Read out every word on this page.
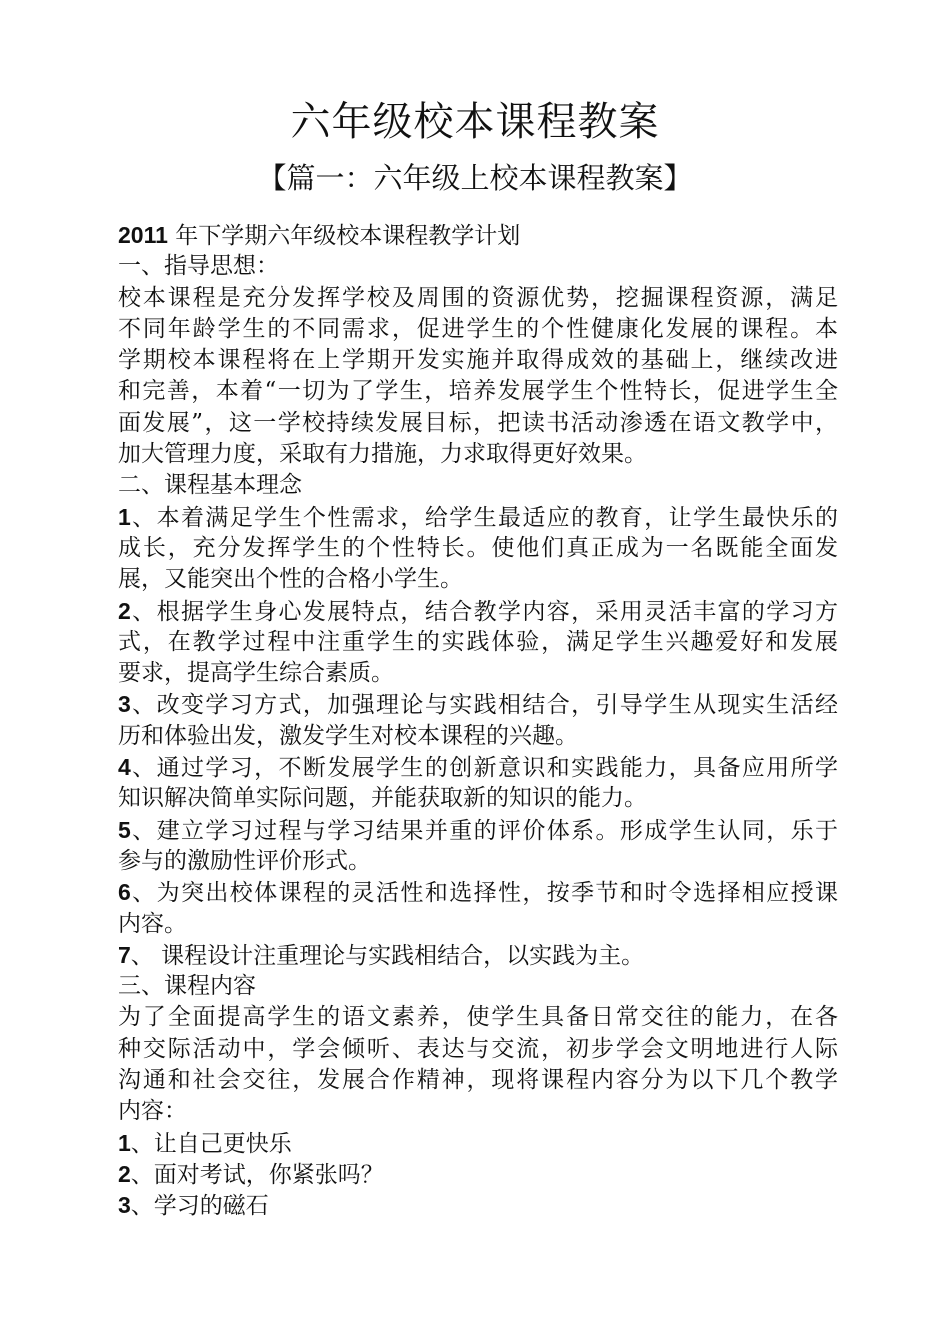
六年级校本课程教案
【篇一：六年级上校本课程教案】
2011 年下学期六年级校本课程教学计划
一、指导思想：
校本课程是充分发挥学校及周围的资源优势，挖掘课程资源，满足
不同年龄学生的不同需求，促进学生的个性健康化发展的课程。本
学期校本课程将在上学期开发实施并取得成效的基础上，继续改进
和完善，本着“一切为了学生，培养发展学生个性特长，促进学生全
面发展”，这一学校持续发展目标，把读书活动渗透在语文教学中，
加大管理力度，采取有力措施，力求取得更好效果。
二、课程基本理念
1、本着满足学生个性需求，给学生最适应的教育，让学生最快乐的
成长，充分发挥学生的个性特长。使他们真正成为一名既能全面发
展，又能突出个性的合格小学生。
2、根据学生身心发展特点，结合教学内容，采用灵活丰富的学习方
式，在教学过程中注重学生的实践体验，满足学生兴趣爱好和发展
要求，提高学生综合素质。
3、改变学习方式，加强理论与实践相结合，引导学生从现实生活经
历和体验出发，激发学生对校本课程的兴趣。
4、通过学习，不断发展学生的创新意识和实践能力，具备应用所学
知识解决简单实际问题，并能获取新的知识的能力。
5、建立学习过程与学习结果并重的评价体系。形成学生认同，乐于
参与的激励性评价形式。
6、为突出校体课程的灵活性和选择性，按季节和时令选择相应授课
内容。
7、 课程设计注重理论与实践相结合，以实践为主。
三、课程内容
为了全面提高学生的语文素养，使学生具备日常交往的能力，在各
种交际活动中，学会倾听、表达与交流，初步学会文明地进行人际
沟通和社会交往，发展合作精神，现将课程内容分为以下几个教学
内容：
1、让自己更快乐
2、面对考试，你紧张吗？
3、学习的磁石
